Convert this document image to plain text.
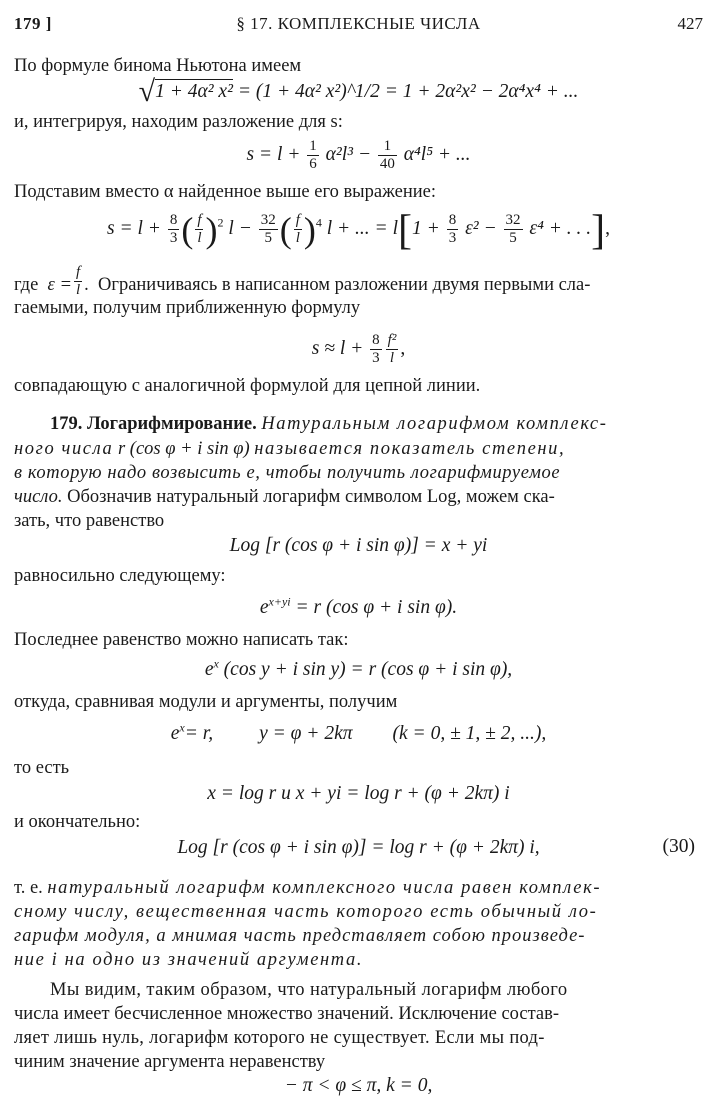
179 ]	§ 17. КОМПЛЕКСНЫЕ ЧИСЛА	427
По формуле бинома Ньютона имеем
√1 + 4α² x² = (1 + 4α² x²)^1/2 = 1 + 2α²x² − 2α⁴x⁴ + ...
и, интегрируя, находим разложение для s:
$s = l + \frac{1}{6} \alpha^2l^3 - \frac{1}{40} \alpha^4l^5$ + ...
Подставим вместо α найденное выше его выражение:
$s = l + \frac{8}{3}$ ( $\frac{f}{l} )^2$ $l - \frac{32}{5}$ ( $\frac{f}{l} )^4$ l + ... = $l[1 + \frac{8}{3} \varepsilon^2 - \frac{32}{5} \varepsilon^4$ + . . .],
где $\varepsilon = \frac{f}{l}$ .  Ограничиваясь в написанном разложении двумя первыми сла-
гаемыми, получим приближенную формулу
$s \approx l + \frac{8}{3} \frac{\text{f²}}{l}$ ,
совпадающую с аналогичной формулой для цепной линии.
179. Логарифмирование. Натуральным логарифмом комплекс-
ного числа r (cos φ + i sin φ) называется показатель степени,
в которую надо возвысить e, чтобы получить логарифмируемое
число. Обозначив натуральный логарифм символом Log, можем ска-
зать, что равенство
Log [r (cos φ + i sin φ)] = x + yi
равносильно следующему:
$e^{x+yi} = r$ (cos φ + i sin φ).
Последнее равенство можно написать так:
$e^x$ (cos y + i sin y) = r (cos φ + i sin φ),
откуда, сравнивая модули и аргументы, получим
$e^x= r$, y = φ + 2kπ (k = 0, ± 1, ± 2, ...),
то есть
x = log r и x + yi = log r + (φ + 2kπ) i
и окончательно:
Log [r (cos φ + i sin φ)] = log r + (φ + 2kπ) i,	(30)
т. е. натуральный логарифм комплексного числа равен комплек-
сному числу, вещественная часть которого есть обычный ло-
гарифм модуля, а мнимая часть представляет собою произведе-
ние i на одно из значений аргумента.
Мы видим, таким образом, что натуральный логарифм любого
числа имеет бесчисленное множество значений. Исключение состав-
ляет лишь нуль, логарифм которого не существует. Если мы под-
чиним значение аргумента неравенству
− π < φ ≤ π, k = 0,
